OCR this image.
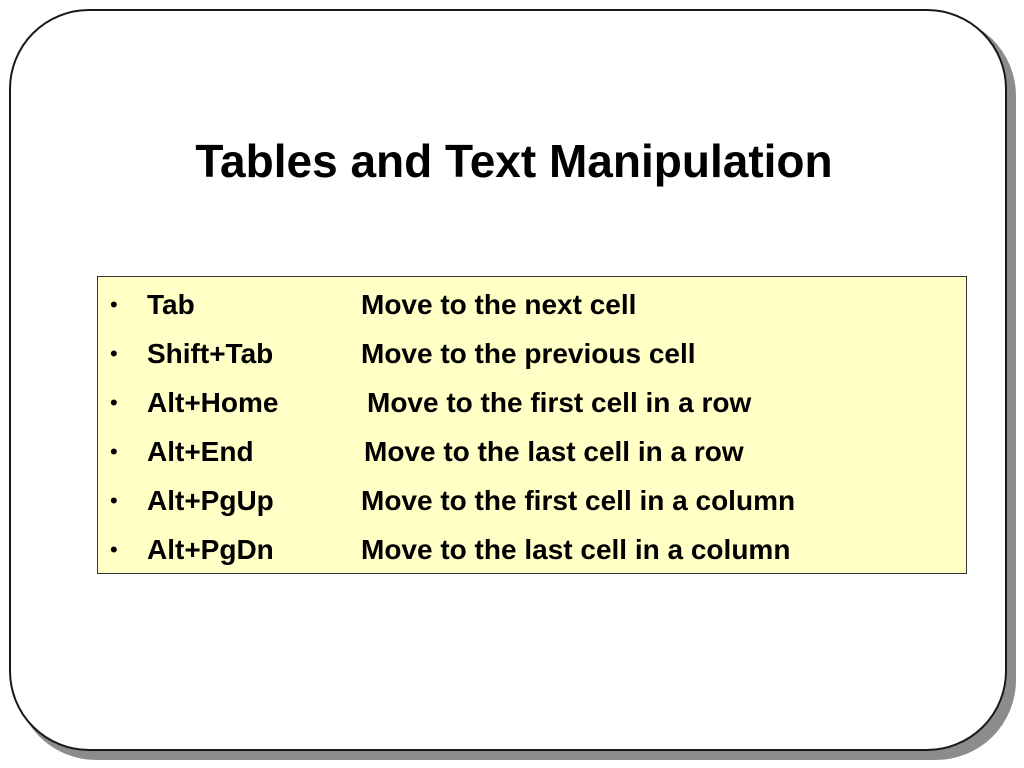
Tables and Text Manipulation
• Tab	Move to the next cell
• Shift+Tab	Move to the previous cell
• Alt+Home	Move to the first cell in a row
• Alt+End	Move to the last cell in a row
• Alt+PgUp	Move to the first cell in a column
• Alt+PgDn	Move to the last cell in a column
